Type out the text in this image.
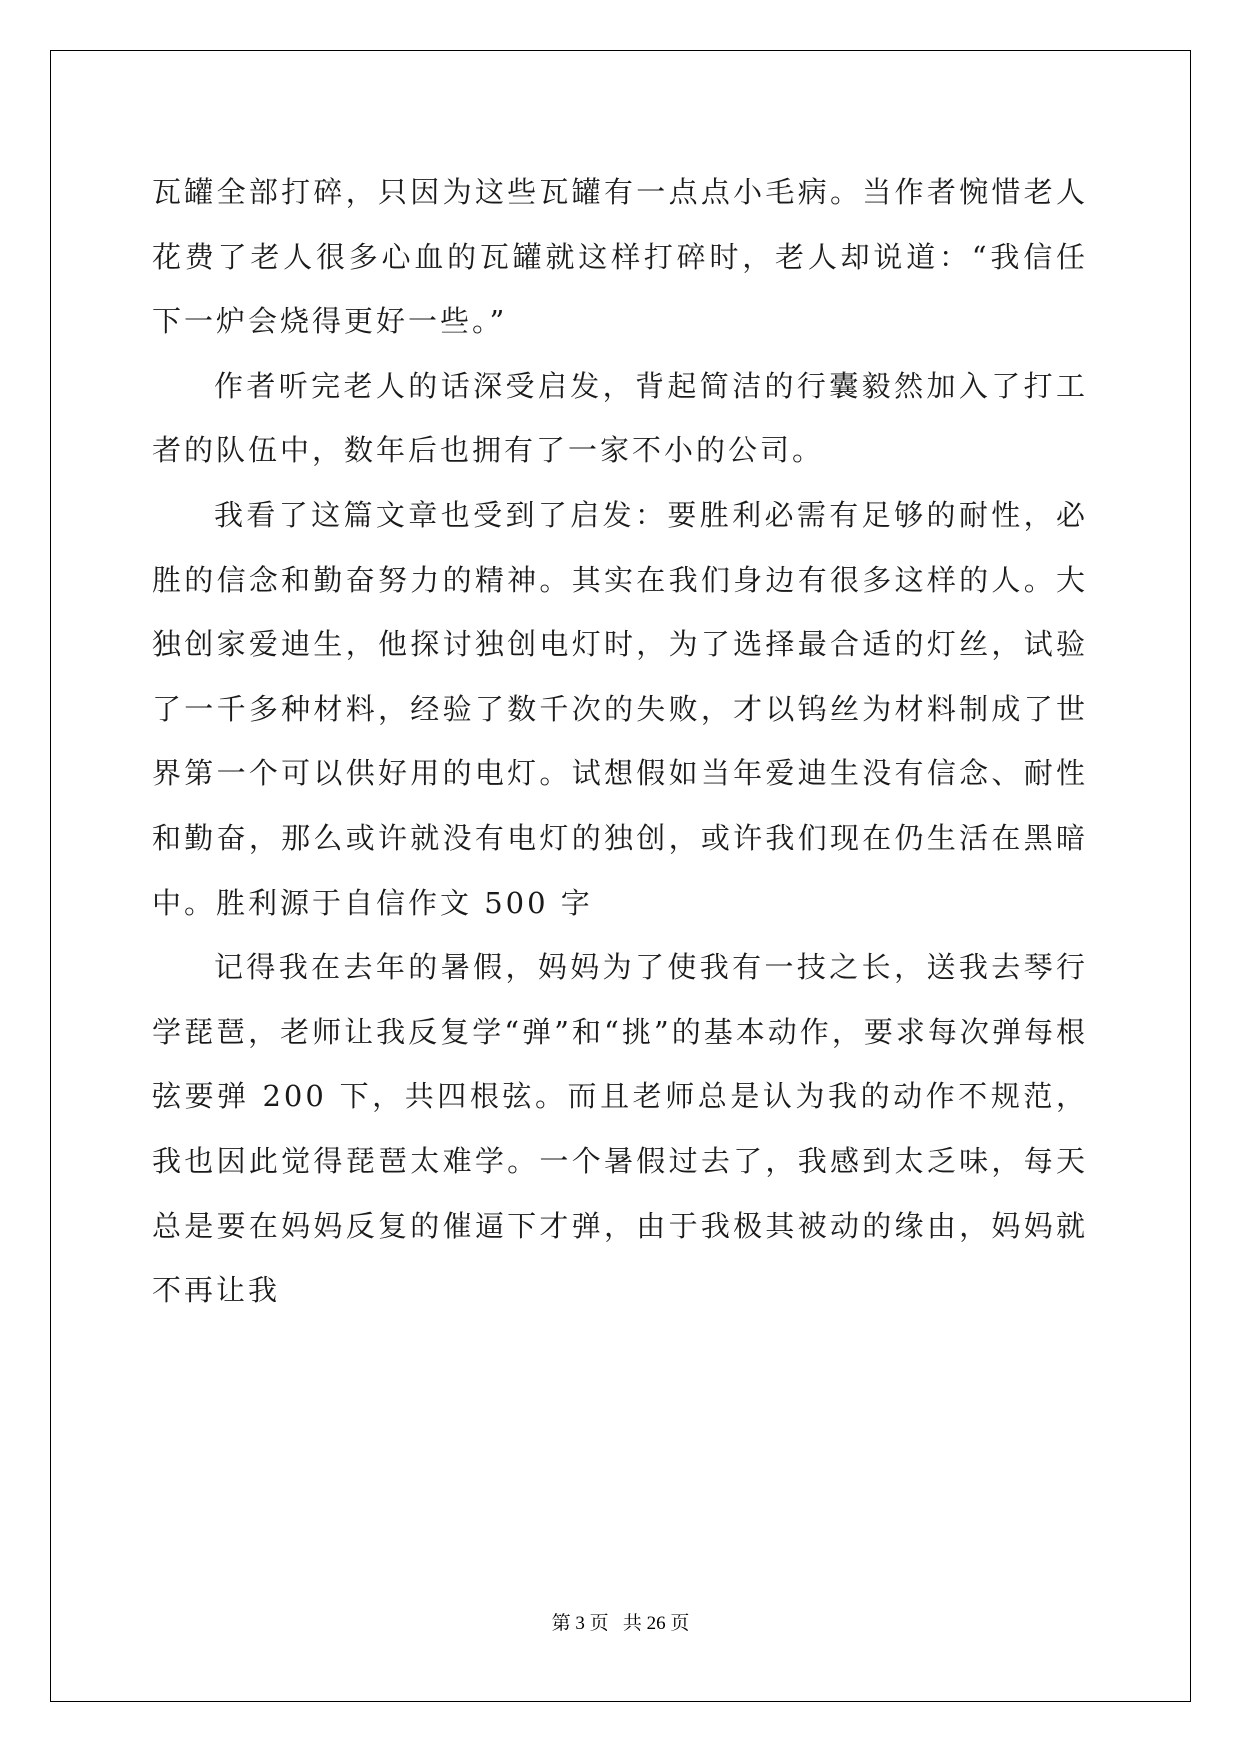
瓦罐全部打碎，只因为这些瓦罐有一点点小毛病。当作者惋惜老人花费了老人很多心血的瓦罐就这样打碎时，老人却说道：“我信任下一炉会烧得更好一些。”

作者听完老人的话深受启发，背起简洁的行囊毅然加入了打工者的队伍中，数年后也拥有了一家不小的公司。

我看了这篇文章也受到了启发：要胜利必需有足够的耐性，必胜的信念和勤奋努力的精神。其实在我们身边有很多这样的人。大独创家爱迪生，他探讨独创电灯时，为了选择最合适的灯丝，试验了一千多种材料，经验了数千次的失败，才以钨丝为材料制成了世界第一个可以供好用的电灯。试想假如当年爱迪生没有信念、耐性和勤奋，那么或许就没有电灯的独创，或许我们现在仍生活在黑暗中。胜利源于自信作文 500 字

记得我在去年的暑假，妈妈为了使我有一技之长，送我去琴行学琵琶，老师让我反复学“弹”和“挑”的基本动作，要求每次弹每根弦要弹 200 下，共四根弦。而且老师总是认为我的动作不规范，我也因此觉得琵琶太难学。一个暑假过去了，我感到太乏味，每天总是要在妈妈反复的催逼下才弹，由于我极其被动的缘由，妈妈就不再让我

第 3 页 共 26 页
